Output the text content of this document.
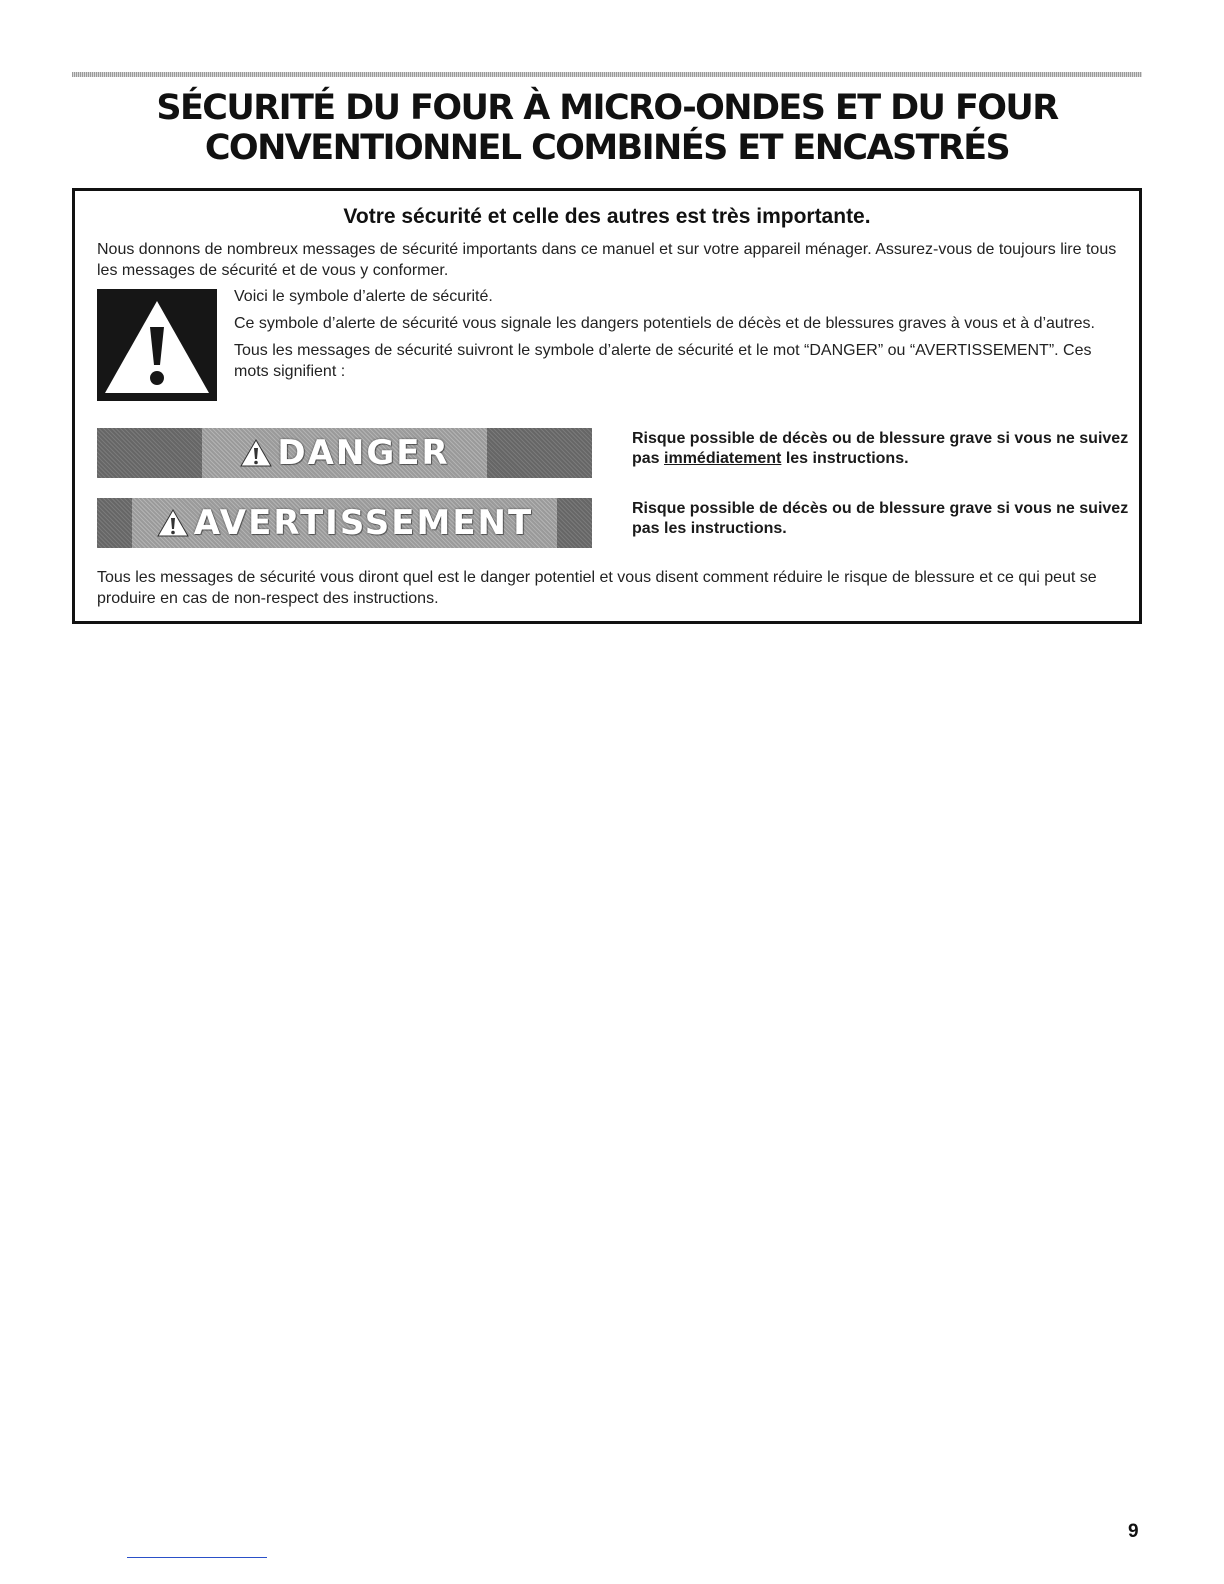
SÉCURITÉ DU FOUR À MICRO-ONDES ET DU FOUR
CONVENTIONNEL COMBINÉS ET ENCASTRÉS
Votre sécurité et celle des autres est très importante.

Nous donnons de nombreux messages de sécurité importants dans ce manuel et sur votre appareil ménager. Assurez-vous de toujours lire tous les messages de sécurité et de vous y conformer.

Voici le symbole d’alerte de sécurité.

Ce symbole d’alerte de sécurité vous signale les dangers potentiels de décès et de blessures graves à vous et à d’autres.

Tous les messages de sécurité suivront le symbole d’alerte de sécurité et le mot “DANGER” ou “AVERTISSEMENT”. Ces mots signifient :

DANGER	Risque possible de décès ou de blessure grave si vous ne suivez pas immédiatement les instructions.

AVERTISSEMENT	Risque possible de décès ou de blessure grave si vous ne suivez pas les instructions.

Tous les messages de sécurité vous diront quel est le danger potentiel et vous disent comment réduire le risque de blessure et ce qui peut se produire en cas de non-respect des instructions.

9
